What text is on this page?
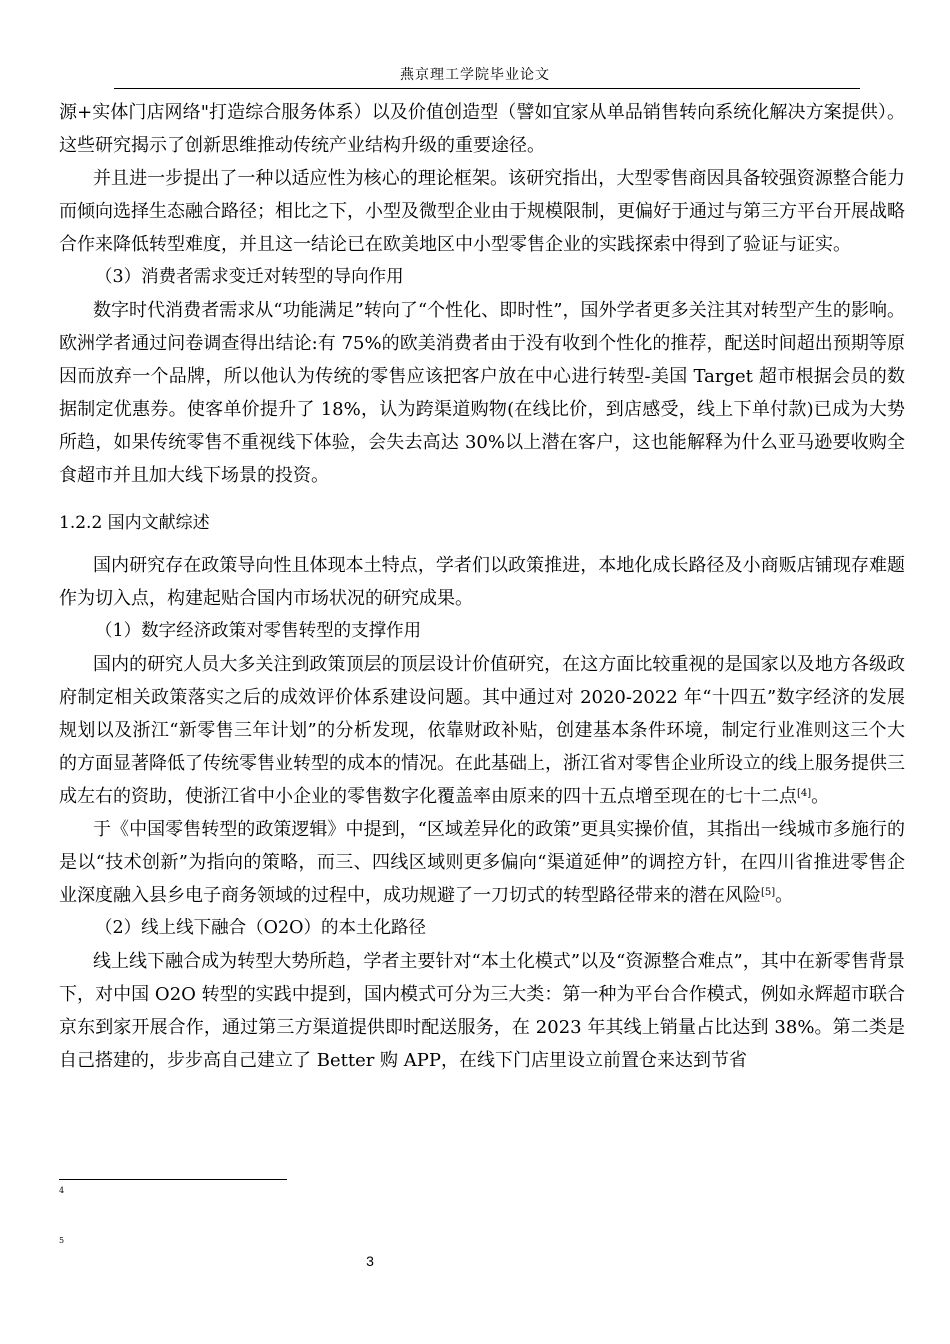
燕京理工学院毕业论文

源+实体门店网络"打造综合服务体系）以及价值创造型（譬如宜家从单品销售转向系统化解决方案提供）。这些研究揭示了创新思维推动传统产业结构升级的重要途径。

并且进一步提出了一种以适应性为核心的理论框架。该研究指出，大型零售商因具备较强资源整合能力而倾向选择生态融合路径；相比之下，小型及微型企业由于规模限制，更偏好于通过与第三方平台开展战略合作来降低转型难度，并且这一结论已在欧美地区中小型零售企业的实践探索中得到了验证与证实。

（3）消费者需求变迁对转型的导向作用

数字时代消费者需求从“功能满足”转向了“个性化、即时性”，国外学者更多关注其对转型产生的影响。欧洲学者通过问卷调查得出结论:有 75%的欧美消费者由于没有收到个性化的推荐，配送时间超出预期等原因而放弃一个品牌，所以他认为传统的零售应该把客户放在中心进行转型-美国 Target 超市根据会员的数据制定优惠券。使客单价提升了 18%，认为跨渠道购物(在线比价，到店感受，线上下单付款)已成为大势所趋，如果传统零售不重视线下体验，会失去高达 30%以上潜在客户，这也能解释为什么亚马逊要收购全食超市并且加大线下场景的投资。

1.2.2 国内文献综述

国内研究存在政策导向性且体现本土特点，学者们以政策推进，本地化成长路径及小商贩店铺现存难题作为切入点，构建起贴合国内市场状况的研究成果。

（1）数字经济政策对零售转型的支撑作用

国内的研究人员大多关注到政策顶层的顶层设计价值研究，在这方面比较重视的是国家以及地方各级政府制定相关政策落实之后的成效评价体系建设问题。其中通过对 2020-2022 年“十四五”数字经济的发展规划以及浙江“新零售三年计划”的分析发现，依靠财政补贴，创建基本条件环境，制定行业准则这三个大的方面显著降低了传统零售业转型的成本的情况。在此基础上，浙江省对零售企业所设立的线上服务提供三成左右的资助，使浙江省中小企业的零售数字化覆盖率由原来的四十五点增至现在的七十二点[4]。

于《中国零售转型的政策逻辑》中提到，“区域差异化的政策”更具实操价值，其指出一线城市多施行的是以“技术创新”为指向的策略，而三、四线区域则更多偏向“渠道延伸”的调控方针，在四川省推进零售企业深度融入县乡电子商务领域的过程中，成功规避了一刀切式的转型路径带来的潜在风险[5]。

（2）线上线下融合（O2O）的本土化路径

线上线下融合成为转型大势所趋，学者主要针对“本土化模式”以及“资源整合难点”，其中在新零售背景下，对中国 O2O 转型的实践中提到，国内模式可分为三大类：第一种为平台合作模式，例如永辉超市联合京东到家开展合作，通过第三方渠道提供即时配送服务，在 2023 年其线上销量占比达到 38%。第二类是自己搭建的，步步高自己建立了 Better 购 APP，在线下门店里设立前置仓来达到节省

4
5
3
